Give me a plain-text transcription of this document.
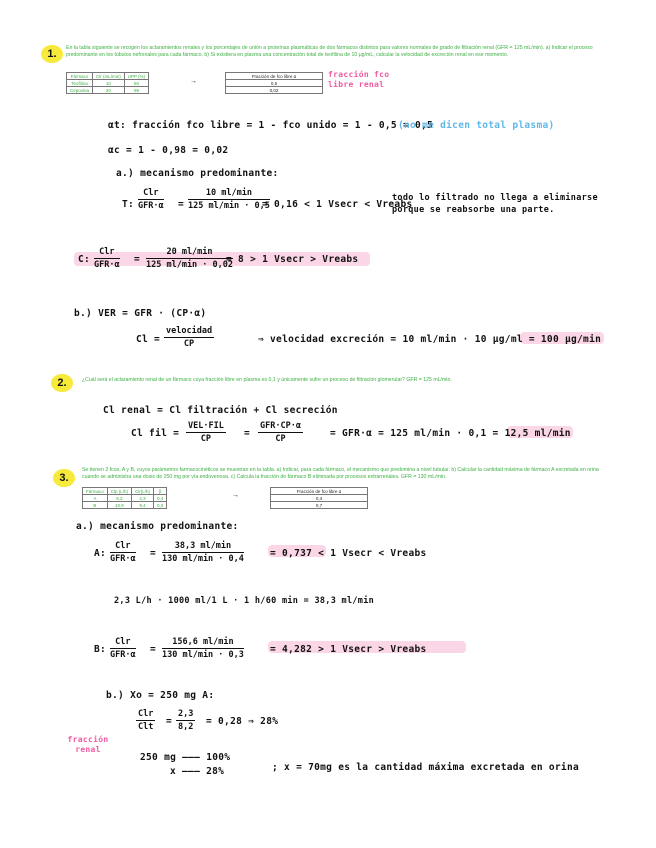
1.	En la tabla siguiente se recogen los aclaramientos renales y los porcentajes de unión a proteínas plasmáticas de dos fármacos distintos para valores normales de grado de filtración renal (GFR = 125 mL/min). a) Indicar el proceso predominante en los túbulos nefronales para cada fármaco. b) Si existiera en plasma una concentración total de teofilina de 10 μg/mL, calcular la velocidad de excreción renal en ese momento.
Fármaco	Clr (mL/min)	UPP (%)
Teofilina	10	50
Cepoxina	20	98
→
Fracción de fco libre α
0,5
0,02
fracción fco libre renal
αt: fracción fco libre = 1 - fco unido = 1 - 0,5 = 0,5
(no me dicen total plasma)
αc = 1 - 0,98 = 0,02
a.) mecanismo predominante:
T:
Clr
GFR·α =
10 ml/min
125 ml/min · 0,5
= 0,16 < 1 Vsecr < Vreabs
todo lo filtrado no llega a eliminarse
porque se reabsorbe una parte.
C:
Clr
GFR·α =
20 ml/min
125 ml/min · 0,02
= 8 > 1 Vsecr > Vreabs
b.) VER = GFR · (CP·α)
Cl =
velocidad
CP	⇒ velocidad excreción = 10 ml/min · 10 μg/ml = 100 μg/min
2.	¿Cuál será el aclaramiento renal de un fármaco cuya fracción libre en plasma es 0,1 y únicamente sufre un proceso de filtración glomerular? GFR = 125 mL/min.
Cl renal = Cl filtración + Cl secreción
Cl fil =
VEL·FIL
CP	=
GFR·CP·α
CP	= GFR·α = 125 ml/min · 0,1 = 12,5 ml/min
3.
Se tienen 2 fcos, A y B, cuyos parámetros farmacocinéticos se muestran en la tabla. a) Indicar, para cada fármaco, el mecanismo que predomina a nivel tubular. b) Calcular la cantidad máxima de fármaco A excretada en orina cuando se administra una dosis de 250 mg por vía endovenosa. c) Calcula la fracción de fármaco B eliminada por procesos extrarrenales. GFR = 130 mL/min.
Fármaco	Clp (L/h)	Clr(L/h)	β
A	8,2	2,3	0,4
B	10,9	9,4	0,3
→
Fracción de fco libre α
0,4
0,7
a.) mecanismo predominante:
A:
Clr
GFR·α =
38,3 ml/min
130 ml/min · 0,4	= 0,737 < 1 Vsecr < Vreabs
2,3 L/h · 1000 ml/1 L · 1 h/60 min = 38,3 ml/min
B:
Clr
GFR·α =
156,6 ml/min
130 ml/min · 0,3	= 4,282 > 1 Vsecr > Vreabs
b.) Xo = 250 mg A:
Clr
Clt = $\frac{2,3}{8,2} = 0,28$ ⇒ 28%
fracción renal
250 mg ——— 100%
x ——— 28%	; x = 70mg es la cantidad máxima excretada en orina
